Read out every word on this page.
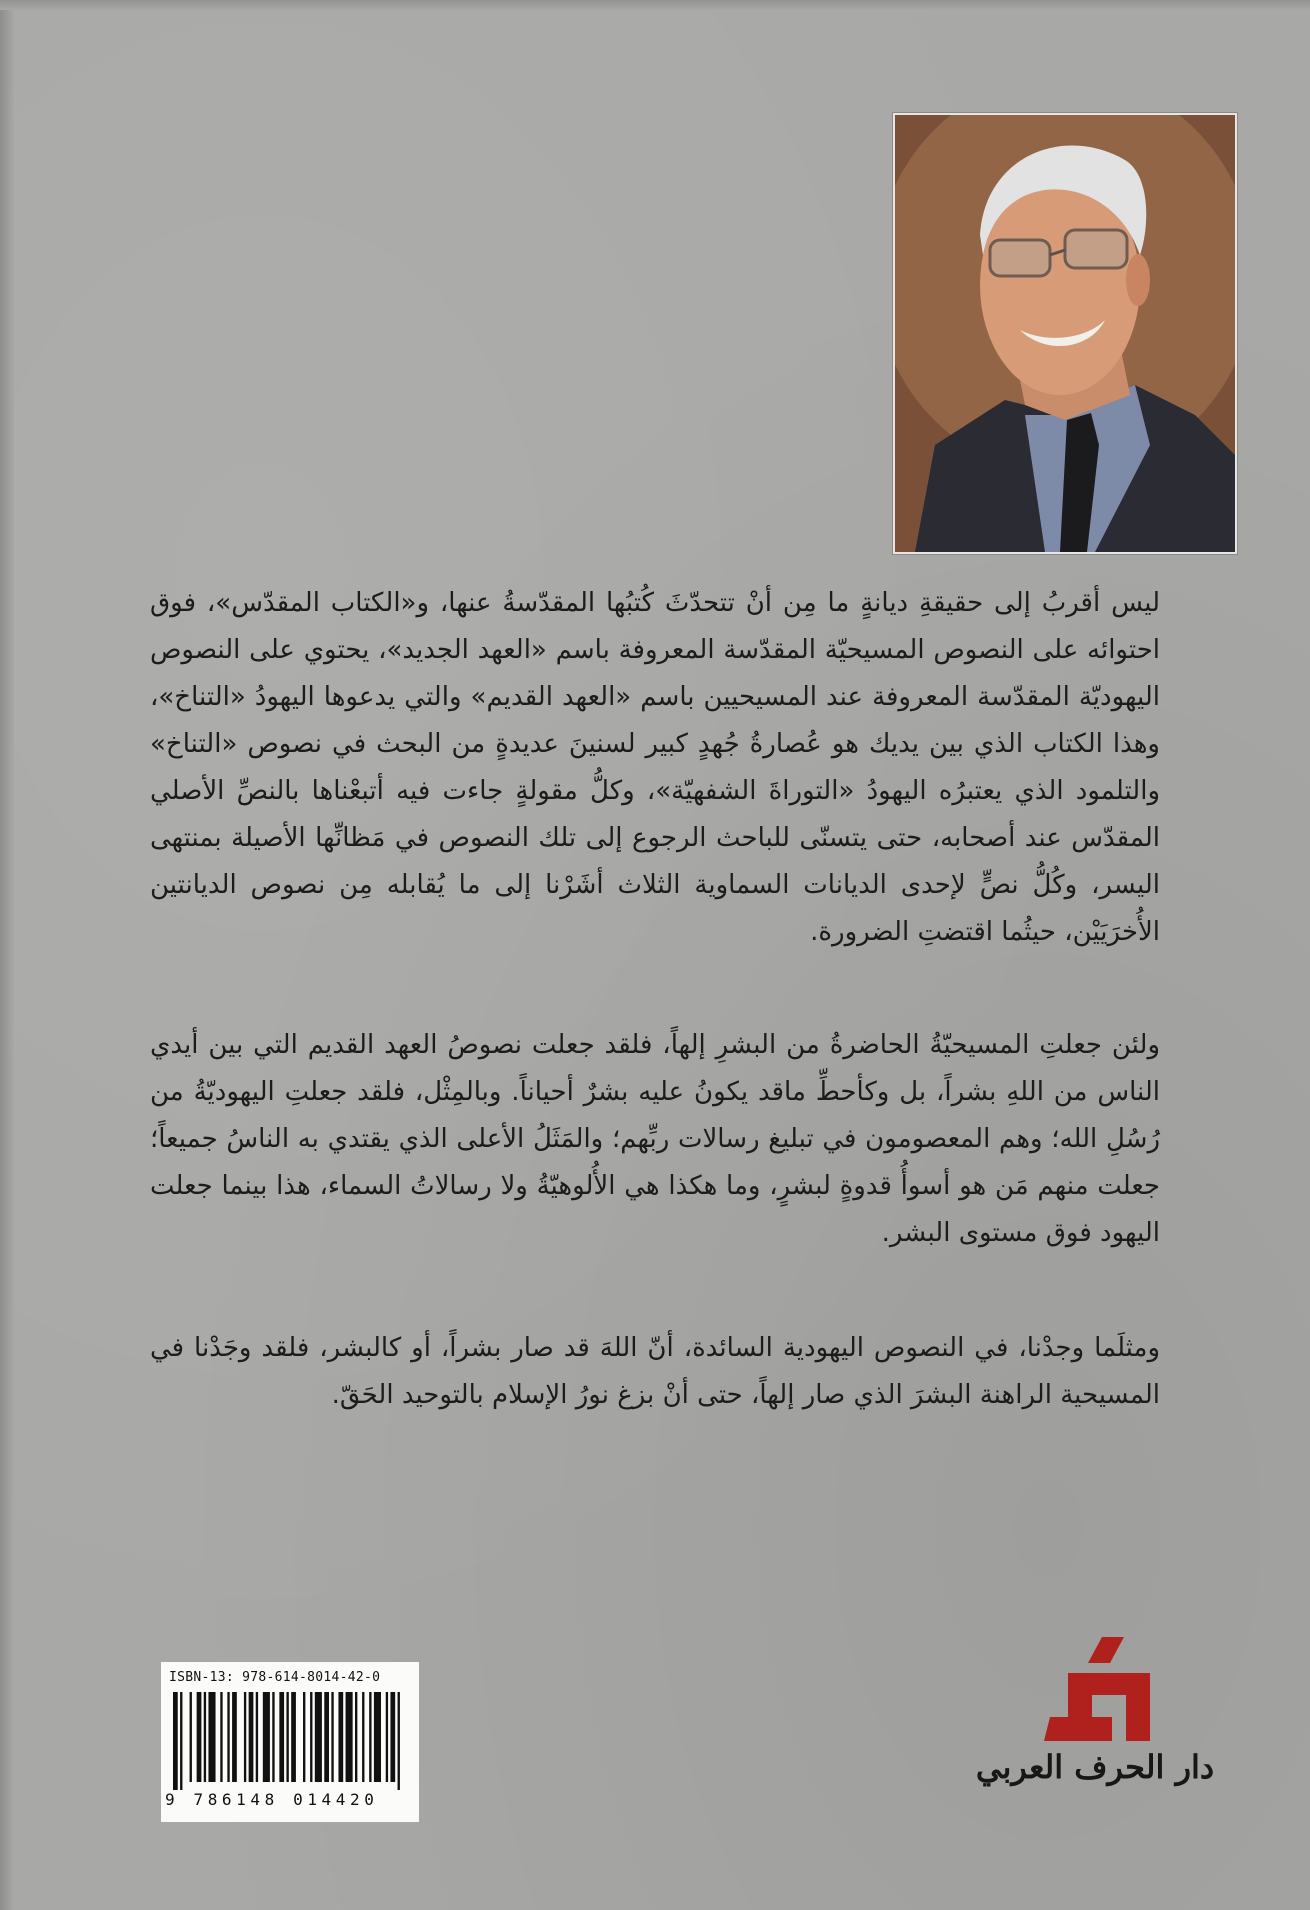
ليس أقربُ إلى حقيقةِ ديانةٍ ما مِن أنْ تتحدّثَ كُتبُها المقدّسةُ عنها، و«الكتاب المقدّس»، فوق احتوائه على النصوص المسيحيّة المقدّسة المعروفة باسم «العهد الجديد»، يحتوي على النصوص اليهوديّة المقدّسة المعروفة عند المسيحيين باسم «العهد القديم» والتي يدعوها اليهودُ «التناخ»، وهذا الكتاب الذي بين يديك هو عُصارةُ جُهدٍ كبير لسنينَ عديدةٍ من البحث في نصوص «التناخ» والتلمود الذي يعتبرُه اليهودُ «التوراةَ الشفهيّة»، وكلُّ مقولةٍ جاءت فيه أتبعْناها بالنصِّ الأصلي المقدّس عند أصحابه، حتى يتسنّى للباحث الرجوع إلى تلك النصوص في مَظانِّها الأصيلة بمنتهى اليسر، وكُلُّ نصٍّ لإحدى الديانات السماوية الثلاث أشَرْنا إلى ما يُقابله مِن نصوص الديانتين الأُخرَيَيْن، حيثُما اقتضتِ الضرورة.

ولئن جعلتِ المسيحيّةُ الحاضرةُ من البشرِ إلهاً، فلقد جعلت نصوصُ العهد القديم التي بين أيدي الناس من اللهِ بشراً، بل وكأحطِّ ماقد يكونُ عليه بشرٌ أحياناً. وبالمِثْل، فلقد جعلتِ اليهوديّةُ من رُسُلِ الله؛ وهم المعصومون في تبليغ رسالات ربِّهم؛ والمَثَلُ الأعلى الذي يقتدي به الناسُ جميعاً؛ جعلت منهم مَن هو أسوأُ قدوةٍ لبشرٍ، وما هكذا هي الأُلوهيّةُ ولا رسالاتُ السماء، هذا بينما جعلت اليهود فوق مستوى البشر.

ومثلَما وجدْنا، في النصوص اليهودية السائدة، أنّ اللهَ قد صار بشراً، أو كالبشر، فلقد وجَدْنا في المسيحية الراهنة البشرَ الذي صار إلهاً، حتى أنْ بزغ نورُ الإسلام بالتوحيد الحَقّ.

ISBN-13: 978-614-8014-42-0
9 786148 014420
دار الحرف العربي
